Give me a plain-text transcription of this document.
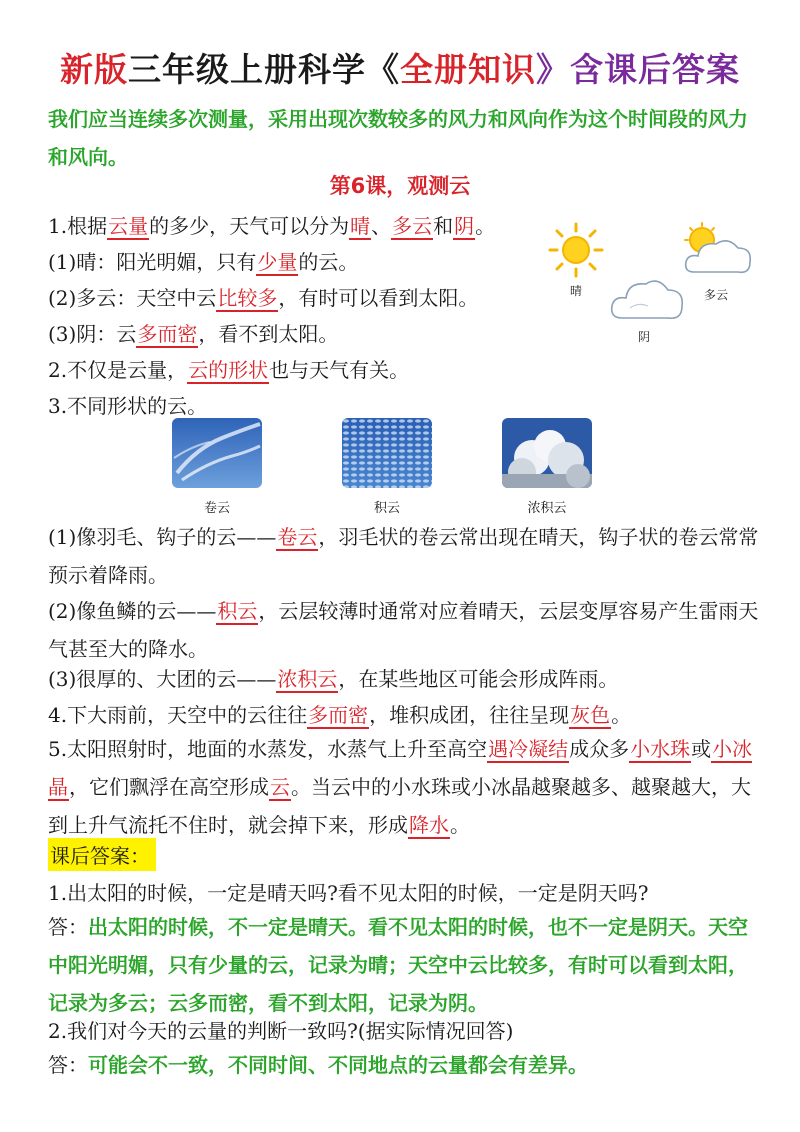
新版三年级上册科学《全册知识》含课后答案
我们应当连续多次测量，采用出现次数较多的风力和风向作为这个时间段的风力和风向。
第6课，观测云
1.根据云量的多少，天气可以分为晴、多云和阴。
(1)晴：阳光明媚，只有少量的云。
(2)多云：天空中云比较多，有时可以看到太阳。
(3)阴：云多而密，看不到太阳。
2.不仅是云量，云的形状也与天气有关。
3.不同形状的云。
晴	多云
阴
卷云	积云	浓积云
(1)像羽毛、钩子的云——卷云，羽毛状的卷云常出现在晴天，钩子状的卷云常常预示着降雨。
(2)像鱼鳞的云——积云，云层较薄时通常对应着晴天，云层变厚容易产生雷雨天气甚至大的降水。
(3)很厚的、大团的云——浓积云，在某些地区可能会形成阵雨。
4.下大雨前，天空中的云往往多而密，堆积成团，往往呈现灰色。
5.太阳照射时，地面的水蒸发，水蒸气上升至高空遇冷凝结成众多小水珠或小冰晶，它们飘浮在高空形成云。当云中的小水珠或小冰晶越聚越多、越聚越大，大到上升气流托不住时，就会掉下来，形成降水。
课后答案：
1.出太阳的时候，一定是晴天吗?看不见太阳的时候，一定是阴天吗?
答：出太阳的时候，不一定是晴天。看不见太阳的时候，也不一定是阴天。天空中阳光明媚，只有少量的云，记录为晴；天空中云比较多，有时可以看到太阳，记录为多云；云多而密，看不到太阳，记录为阴。
2.我们对今天的云量的判断一致吗?(据实际情况回答)
答：可能会不一致，不同时间、不同地点的云量都会有差异。
